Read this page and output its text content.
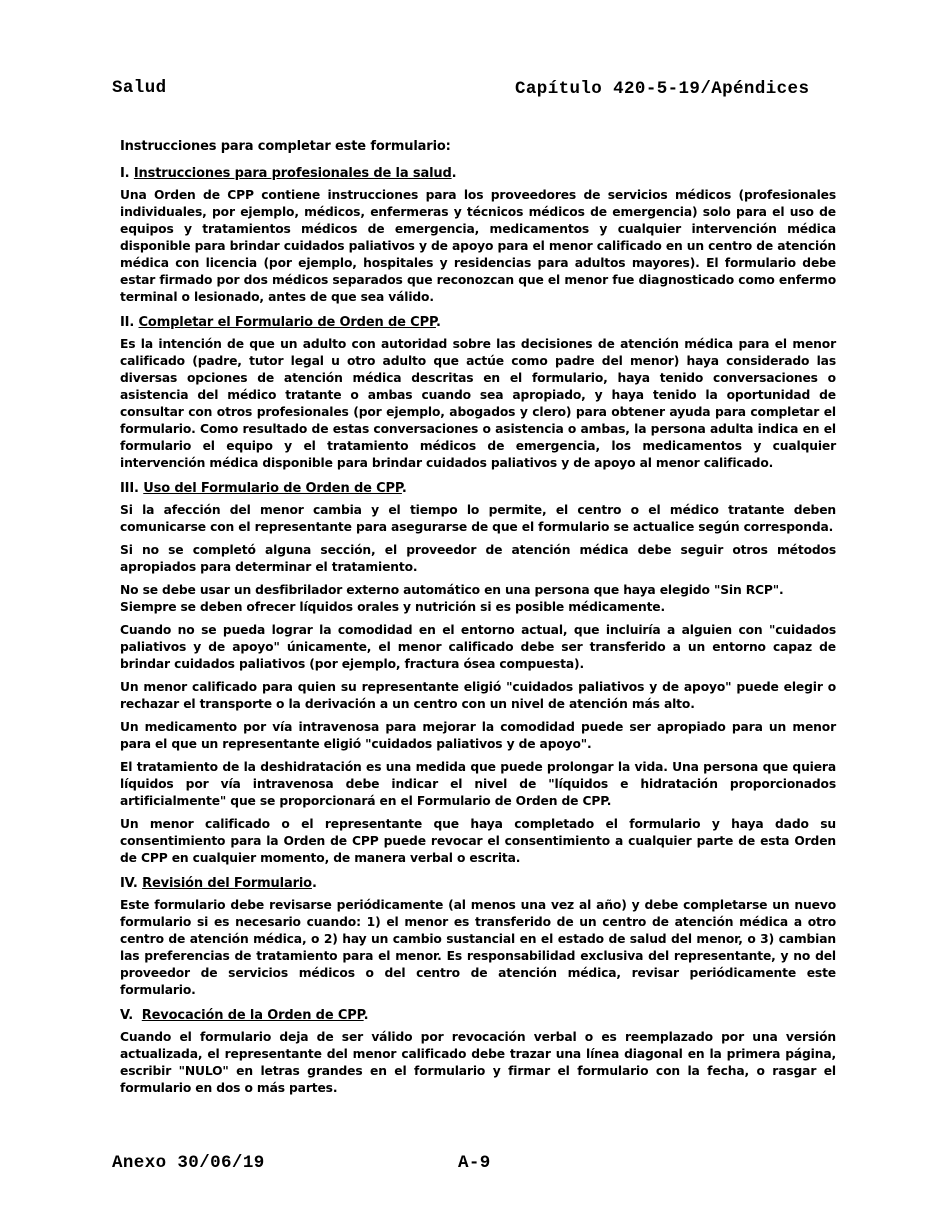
Salud	Capítulo 420-5-19/Apéndices

Instrucciones para completar este formulario:

I. Instrucciones para profesionales de la salud.

Una Orden de CPP contiene instrucciones para los proveedores de servicios médicos (profesionales individuales, por ejemplo, médicos, enfermeras y técnicos médicos de emergencia) solo para el uso de equipos y tratamientos médicos de emergencia, medicamentos y cualquier intervención médica disponible para brindar cuidados paliativos y de apoyo para el menor calificado en un centro de atención médica con licencia (por ejemplo, hospitales y residencias para adultos mayores). El formulario debe estar firmado por dos médicos separados que reconozcan que el menor fue diagnosticado como enfermo terminal o lesionado, antes de que sea válido.

II. Completar el Formulario de Orden de CPP.

Es la intención de que un adulto con autoridad sobre las decisiones de atención médica para el menor calificado (padre, tutor legal u otro adulto que actúe como padre del menor) haya considerado las diversas opciones de atención médica descritas en el formulario, haya tenido conversaciones o asistencia del médico tratante o ambas cuando sea apropiado, y haya tenido la oportunidad de consultar con otros profesionales (por ejemplo, abogados y clero) para obtener ayuda para completar el formulario. Como resultado de estas conversaciones o asistencia o ambas, la persona adulta indica en el formulario el equipo y el tratamiento médicos de emergencia, los medicamentos y cualquier intervención médica disponible para brindar cuidados paliativos y de apoyo al menor calificado.

III. Uso del Formulario de Orden de CPP.

Si la afección del menor cambia y el tiempo lo permite, el centro o el médico tratante deben comunicarse con el representante para asegurarse de que el formulario se actualice según corresponda.

Si no se completó alguna sección, el proveedor de atención médica debe seguir otros métodos apropiados para determinar el tratamiento.

No se debe usar un desfibrilador externo automático en una persona que haya elegido "Sin RCP".

Siempre se deben ofrecer líquidos orales y nutrición si es posible médicamente.

Cuando no se pueda lograr la comodidad en el entorno actual, que incluiría a alguien con "cuidados paliativos y de apoyo" únicamente, el menor calificado debe ser transferido a un entorno capaz de brindar cuidados paliativos (por ejemplo, fractura ósea compuesta).

Un menor calificado para quien su representante eligió "cuidados paliativos y de apoyo" puede elegir o rechazar el transporte o la derivación a un centro con un nivel de atención más alto.

Un medicamento por vía intravenosa para mejorar la comodidad puede ser apropiado para un menor para el que un representante eligió "cuidados paliativos y de apoyo".

El tratamiento de la deshidratación es una medida que puede prolongar la vida. Una persona que quiera líquidos por vía intravenosa debe indicar el nivel de "líquidos e hidratación proporcionados artificialmente" que se proporcionará en el Formulario de Orden de CPP.

Un menor calificado o el representante que haya completado el formulario y haya dado su consentimiento para la Orden de CPP puede revocar el consentimiento a cualquier parte de esta Orden de CPP en cualquier momento, de manera verbal o escrita.

IV. Revisión del Formulario.

Este formulario debe revisarse periódicamente (al menos una vez al año) y debe completarse un nuevo formulario si es necesario cuando: 1) el menor es transferido de un centro de atención médica a otro centro de atención médica, o 2) hay un cambio sustancial en el estado de salud del menor, o 3) cambian las preferencias de tratamiento para el menor. Es responsabilidad exclusiva del representante, y no del proveedor de servicios médicos o del centro de atención médica, revisar periódicamente este formulario.

V.  Revocación de la Orden de CPP.

Cuando el formulario deja de ser válido por revocación verbal o es reemplazado por una versión actualizada, el representante del menor calificado debe trazar una línea diagonal en la primera página, escribir "NULO" en letras grandes en el formulario y firmar el formulario con la fecha, o rasgar el formulario en dos o más partes.

Anexo 30/06/19	A-9
